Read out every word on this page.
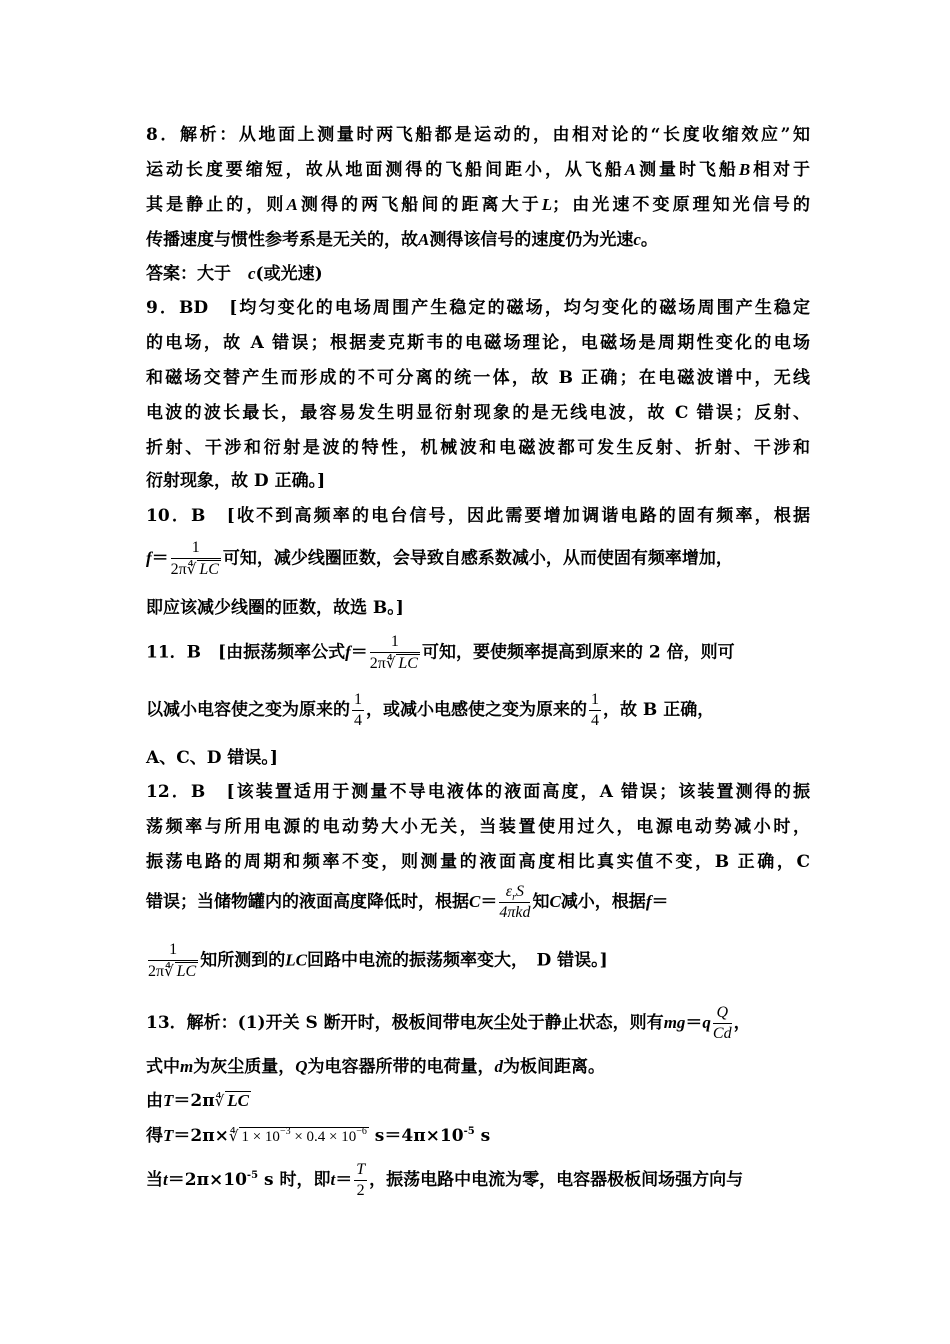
8．解析：从地面上测量时两飞船都是运动的，由相对论的“长度收缩效应”知
运动长度要缩短，故从地面测得的飞船间距小，从飞船A测量时飞船B相对于
其是静止的，则A测得的两飞船间的距离大于L；由光速不变原理知光信号的
传播速度与惯性参考系是无关的，故A测得该信号的速度仍为光速c。
答案：大于　 c(或光速)
9．BD　[均匀变化的电场周围产生稳定的磁场，均匀变化的磁场周围产生稳定
的电场，故 A 错误；根据麦克斯韦的电磁场理论，电磁场是周期性变化的电场
和磁场交替产生而形成的不可分离的统一体，故 B 正确；在电磁波谱中，无线
电波的波长最长，最容易发生明显衍射现象的是无线电波，故 C 错误；反射、
折射、干涉和衍射是波的特性，机械波和电磁波都可发生反射、折射、干涉和
衍射现象，故 D 正确。]
10．B　[收不到高频率的电台信号，因此需要增加调谐电路的固有频率，根据
$f= \frac{1}{2\pi∜ LC}$ 可知，减少线圈匝数，会导致自感系数减小，从而使固有频率增加，
即应该减少线圈的匝数，故选 B。]
11．B　[由振荡频率公式$f= \frac{1}{2\pi∜ LC}$ 可知，要使频率提高到原来的 2 倍，则可
以减小电容使之变为原来的 $\frac{1}{4}$ ，或减小电感使之变为原来的 $\frac{1}{4}$ ，故 B 正确，
A、C、D 错误。]
12．B　[该装置适用于测量不导电液体的液面高度，A 错误；该装置测得的振
荡频率与所用电源的电动势大小无关，当装置使用过久，电源电动势减小时，
振荡电路的周期和频率不变，则测量的液面高度相比真实值不变，B 正确，C
错误；当储物罐内的液面高度降低时，根据$C= \frac{\varepsilon_rS}{\text{4πkd}}$ 知C减小，根据f＝
$\frac{1}{2\pi∜ LC}$ 知所测到的LC回路中电流的振荡频率变大，　D 错误。]
13．解析：(1)开关 S 断开时，极板间带电灰尘处于静止状态，则有$mg=q \frac{Q}{Cd}$ ，
式中m为灰尘质量，Q为电容器所带的电荷量，d为板间距离。
由T＝2π∜ LC
得T＝2π×∜ $1 \times 10^{-3} \times 0.4 \times 10^{-6}$ $s=4\pi\times 10^{-5}$ s
当$t=2\pi\times 10^{-5}$ s 时，即$t= \frac{T}{2}$ ，振荡电路中电流为零，电容器极板间场强方向与
